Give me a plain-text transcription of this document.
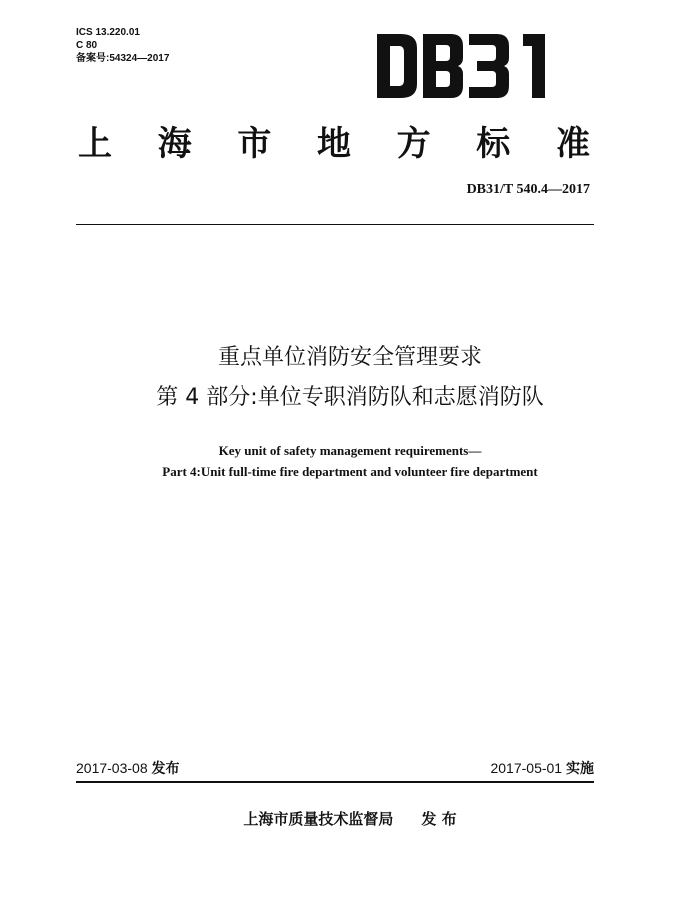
ICS 13.220.01
C 80
备案号:54324—2017
上 海 市 地 方 标 准
DB31/T 540.4—2017
重点单位消防安全管理要求
第 4 部分:单位专职消防队和志愿消防队
Key unit of safety management requirements—
Part 4:Unit full-time fire department and volunteer fire department
2017-03-08 发布	2017-05-01 实施
上海市质量技术监督局 发 布
